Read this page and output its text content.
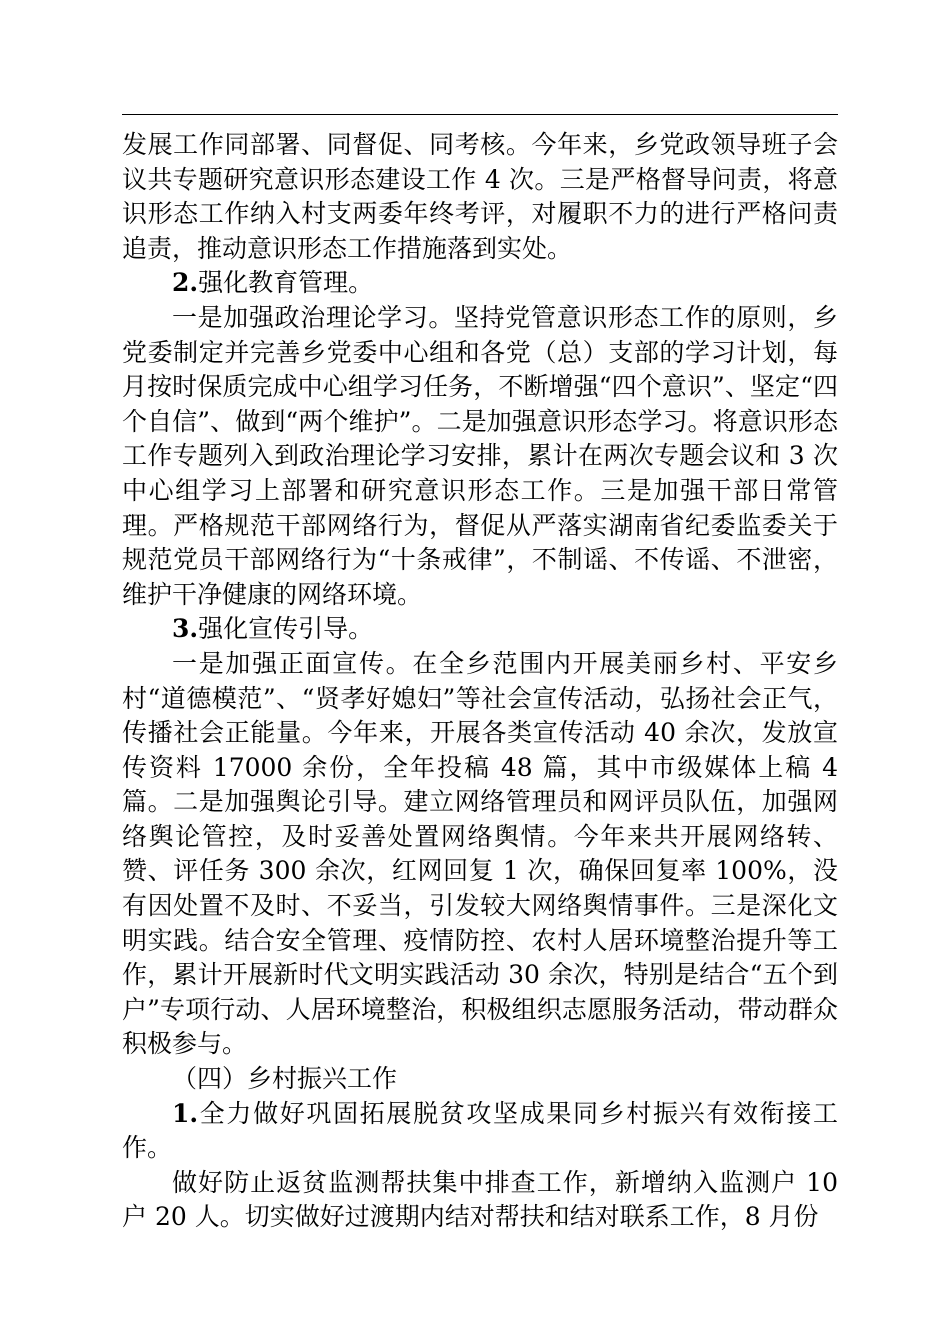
发展工作同部署、同督促、同考核。今年来，乡党政领导班子会议共专题研究意识形态建设工作 4 次。三是严格督导问责，将意识形态工作纳入村支两委年终考评，对履职不力的进行严格问责追责，推动意识形态工作措施落到实处。

2.强化教育管理。

一是加强政治理论学习。坚持党管意识形态工作的原则，乡党委制定并完善乡党委中心组和各党（总）支部的学习计划，每月按时保质完成中心组学习任务，不断增强“四个意识”、坚定“四个自信”、做到“两个维护”。二是加强意识形态学习。将意识形态工作专题列入到政治理论学习安排，累计在两次专题会议和 3 次中心组学习上部署和研究意识形态工作。三是加强干部日常管理。严格规范干部网络行为，督促从严落实湖南省纪委监委关于规范党员干部网络行为“十条戒律”，不制谣、不传谣、不泄密，维护干净健康的网络环境。

3.强化宣传引导。

一是加强正面宣传。在全乡范围内开展美丽乡村、平安乡村“道德模范”、“贤孝好媳妇”等社会宣传活动，弘扬社会正气，传播社会正能量。今年来，开展各类宣传活动 40 余次，发放宣传资料 17000 余份，全年投稿 48 篇，其中市级媒体上稿 4 篇。二是加强舆论引导。建立网络管理员和网评员队伍，加强网络舆论管控，及时妥善处置网络舆情。今年来共开展网络转、赞、评任务 300 余次，红网回复 1 次，确保回复率 100%，没有因处置不及时、不妥当，引发较大网络舆情事件。三是深化文明实践。结合安全管理、疫情防控、农村人居环境整治提升等工作，累计开展新时代文明实践活动 30 余次，特别是结合“五个到户”专项行动、人居环境整治，积极组织志愿服务活动，带动群众积极参与。

（四）乡村振兴工作

1.全力做好巩固拓展脱贫攻坚成果同乡村振兴有效衔接工作。

做好防止返贫监测帮扶集中排查工作，新增纳入监测户 10 户 20 人。切实做好过渡期内结对帮扶和结对联系工作，8 月份
